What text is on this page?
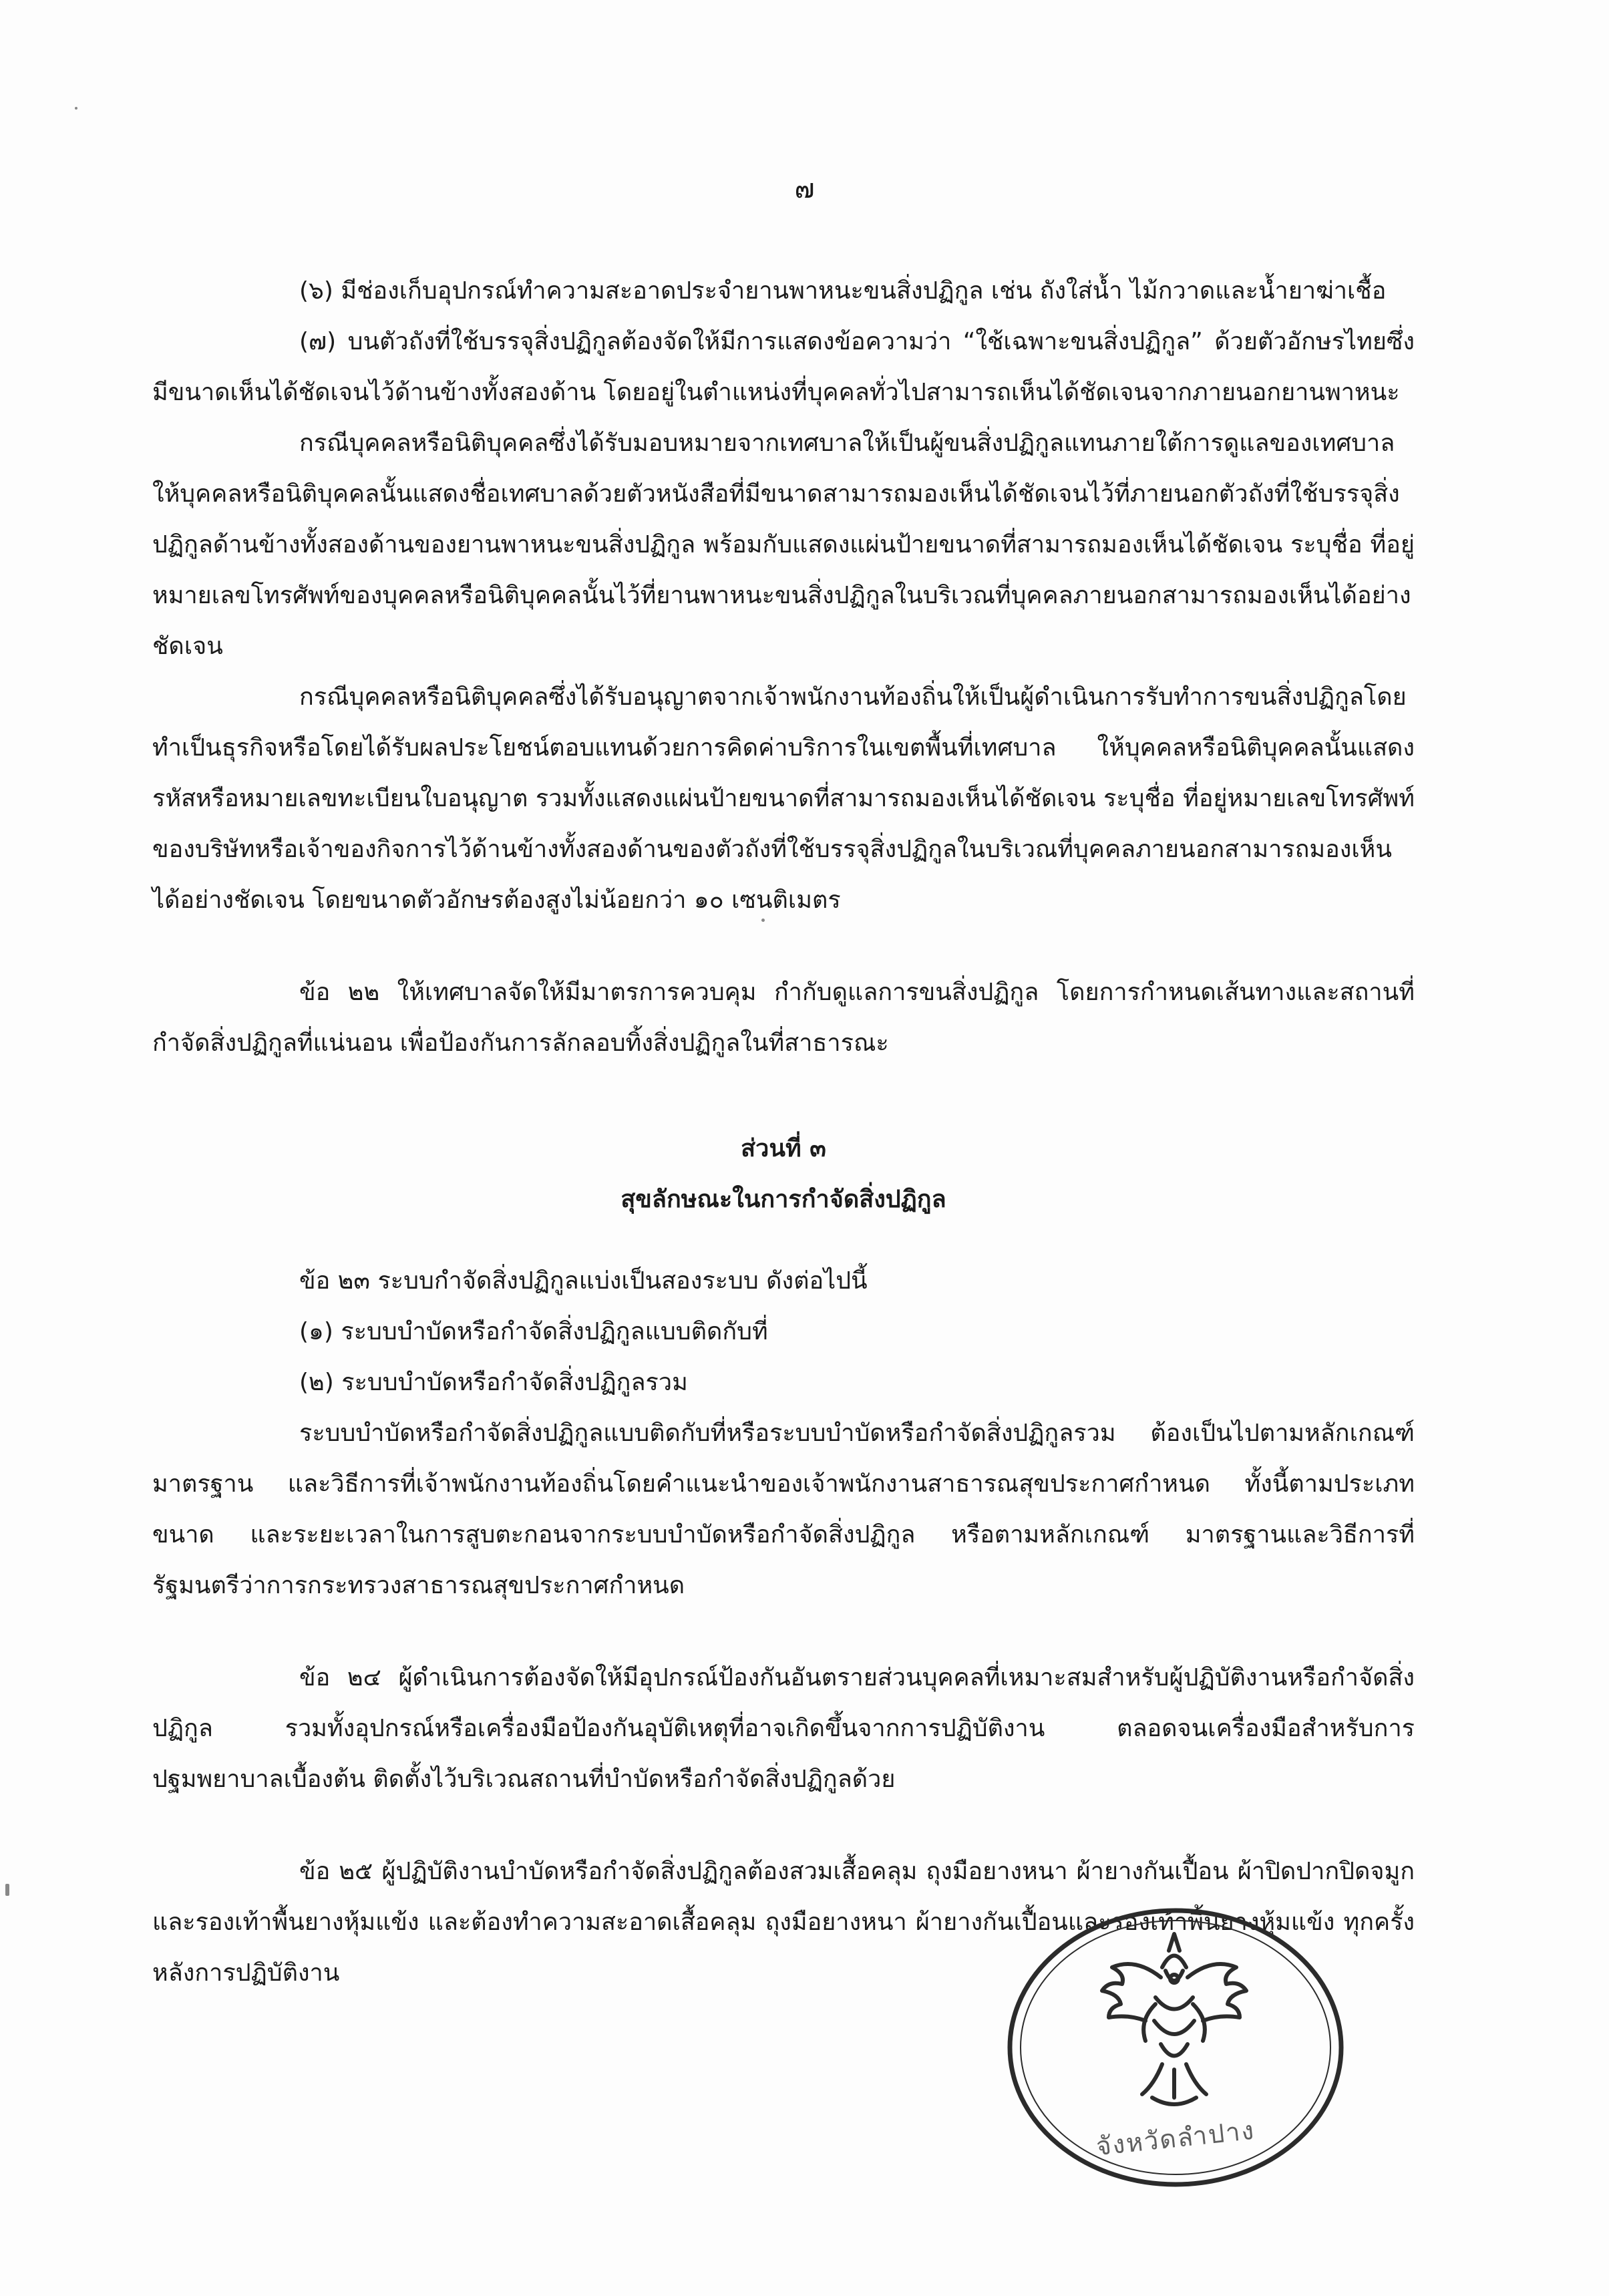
๗

(๖) มีช่องเก็บอุปกรณ์ทำความสะอาดประจำยานพาหนะขนสิ่งปฏิกูล เช่น ถังใส่น้ำ ไม้กวาดและน้ำยาฆ่าเชื้อ

(๗) บนตัวถังที่ใช้บรรจุสิ่งปฏิกูลต้องจัดให้มีการแสดงข้อความว่า “ใช้เฉพาะขนสิ่งปฏิกูล” ด้วยตัวอักษรไทยซึ่งมีขนาดเห็นได้ชัดเจนไว้ด้านข้างทั้งสองด้าน โดยอยู่ในตำแหน่งที่บุคคลทั่วไปสามารถเห็นได้ชัดเจนจากภายนอกยานพาหนะ

กรณีบุคคลหรือนิติบุคคลซึ่งได้รับมอบหมายจากเทศบาลให้เป็นผู้ขนสิ่งปฏิกูลแทนภายใต้การดูแลของเทศบาล ให้บุคคลหรือนิติบุคคลนั้นแสดงชื่อเทศบาลด้วยตัวหนังสือที่มีขนาดสามารถมองเห็นได้ชัดเจนไว้ที่ภายนอกตัวถังที่ใช้บรรจุสิ่งปฏิกูลด้านข้างทั้งสองด้านของยานพาหนะขนสิ่งปฏิกูล พร้อมกับแสดงแผ่นป้ายขนาดที่สามารถมองเห็นได้ชัดเจน ระบุชื่อ ที่อยู่ หมายเลขโทรศัพท์ของบุคคลหรือนิติบุคคลนั้นไว้ที่ยานพาหนะขนสิ่งปฏิกูลในบริเวณที่บุคคลภายนอกสามารถมองเห็นได้อย่างชัดเจน

กรณีบุคคลหรือนิติบุคคลซึ่งได้รับอนุญาตจากเจ้าพนักงานท้องถิ่นให้เป็นผู้ดำเนินการรับทำการขนสิ่งปฏิกูลโดยทำเป็นธุรกิจหรือโดยได้รับผลประโยชน์ตอบแทนด้วยการคิดค่าบริการในเขตพื้นที่เทศบาล ให้บุคคลหรือนิติบุคคลนั้นแสดงรหัสหรือหมายเลขทะเบียนใบอนุญาต รวมทั้งแสดงแผ่นป้ายขนาดที่สามารถมองเห็นได้ชัดเจน ระบุชื่อ ที่อยู่หมายเลขโทรศัพท์ของบริษัทหรือเจ้าของกิจการไว้ด้านข้างทั้งสองด้านของตัวถังที่ใช้บรรจุสิ่งปฏิกูลในบริเวณที่บุคคลภายนอกสามารถมองเห็นได้อย่างชัดเจน โดยขนาดตัวอักษรต้องสูงไม่น้อยกว่า ๑๐ เซนติเมตร

ข้อ ๒๒ ให้เทศบาลจัดให้มีมาตรการควบคุม กำกับดูแลการขนสิ่งปฏิกูล โดยการกำหนดเส้นทางและสถานที่กำจัดสิ่งปฏิกูลที่แน่นอน เพื่อป้องกันการลักลอบทิ้งสิ่งปฏิกูลในที่สาธารณะ

ส่วนที่ ๓

สุขลักษณะในการกำจัดสิ่งปฏิกูล

ข้อ ๒๓ ระบบกำจัดสิ่งปฏิกูลแบ่งเป็นสองระบบ ดังต่อไปนี้

(๑) ระบบบำบัดหรือกำจัดสิ่งปฏิกูลแบบติดกับที่

(๒) ระบบบำบัดหรือกำจัดสิ่งปฏิกูลรวม

ระบบบำบัดหรือกำจัดสิ่งปฏิกูลแบบติดกับที่หรือระบบบำบัดหรือกำจัดสิ่งปฏิกูลรวม ต้องเป็นไปตามหลักเกณฑ์ มาตรฐาน และวิธีการที่เจ้าพนักงานท้องถิ่นโดยคำแนะนำของเจ้าพนักงานสาธารณสุขประกาศกำหนด ทั้งนี้ตามประเภท ขนาด และระยะเวลาในการสูบตะกอนจากระบบบำบัดหรือกำจัดสิ่งปฏิกูล หรือตามหลักเกณฑ์ มาตรฐานและวิธีการที่รัฐมนตรีว่าการกระทรวงสาธารณสุขประกาศกำหนด

ข้อ ๒๔ ผู้ดำเนินการต้องจัดให้มีอุปกรณ์ป้องกันอันตรายส่วนบุคคลที่เหมาะสมสำหรับผู้ปฏิบัติงานหรือกำจัดสิ่งปฏิกูล รวมทั้งอุปกรณ์หรือเครื่องมือป้องกันอุบัติเหตุที่อาจเกิดขึ้นจากการปฏิบัติงาน ตลอดจนเครื่องมือสำหรับการปฐมพยาบาลเบื้องต้น ติดตั้งไว้บริเวณสถานที่บำบัดหรือกำจัดสิ่งปฏิกูลด้วย

ข้อ ๒๕ ผู้ปฏิบัติงานบำบัดหรือกำจัดสิ่งปฏิกูลต้องสวมเสื้อคลุม ถุงมือยางหนา ผ้ายางกันเปื้อน ผ้าปิดปากปิดจมูก และรองเท้าพื้นยางหุ้มแข้ง และต้องทำความสะอาดเสื้อคลุม ถุงมือยางหนา ผ้ายางกันเปื้อนและรองเท้าพื้นยางหุ้มแข้ง ทุกครั้งหลังการปฏิบัติงาน

จังหวัดลำปาง
